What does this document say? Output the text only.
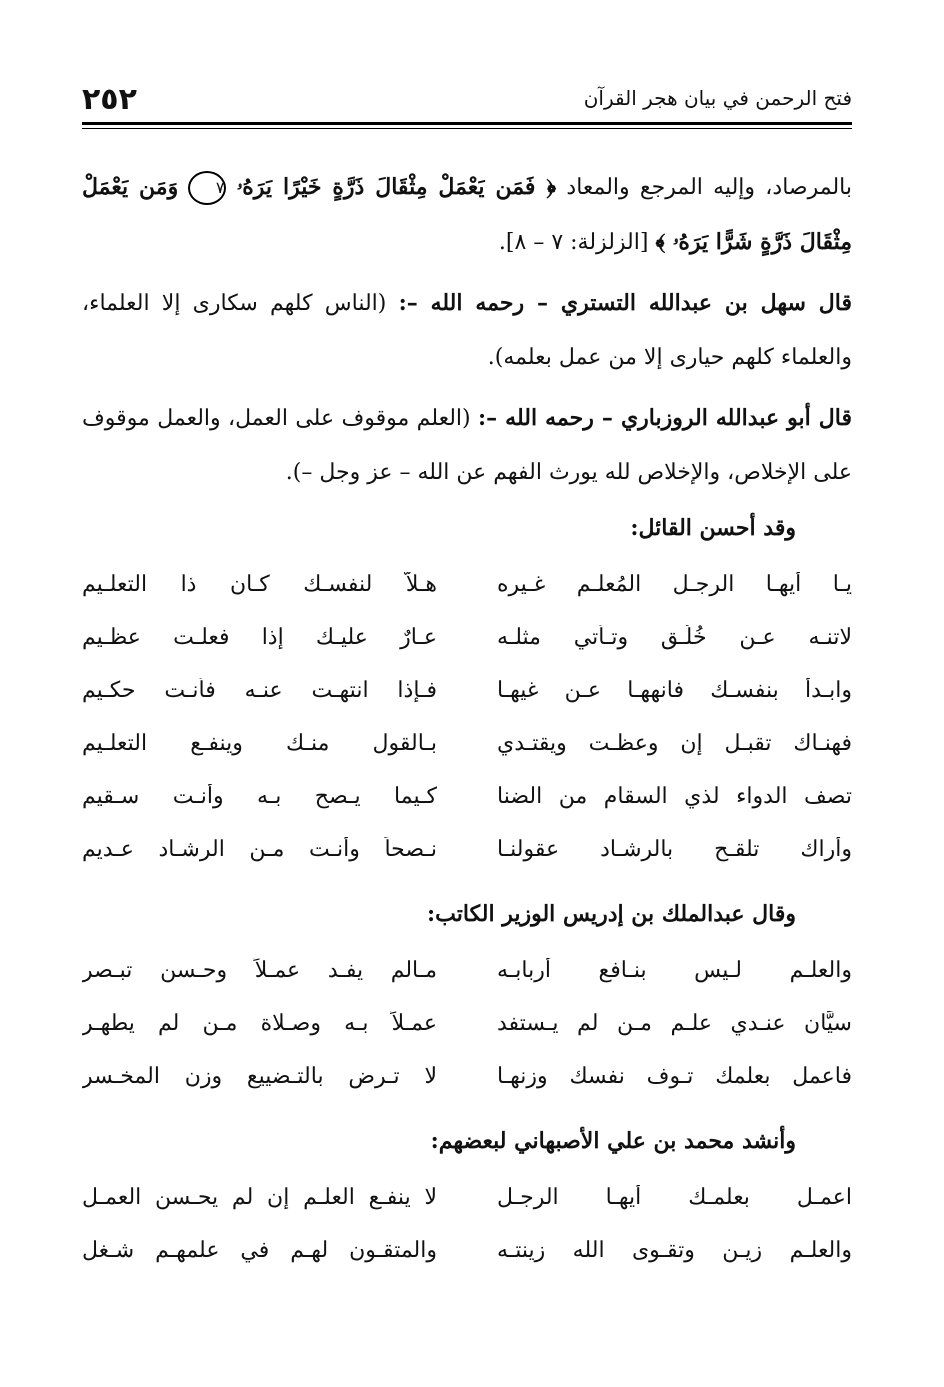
٢٥٢	فتح الرحمن في بيان هجر القرآن

بالمرصاد، وإليه المرجع والمعاد ﴿ فَمَن يَعْمَلْ مِثْقَالَ ذَرَّةٍ خَيْرًا يَرَهُۥ ٧ وَمَن يَعْمَلْ مِثْقَالَ ذَرَّةٍ شَرًّا يَرَهُۥ ﴾ [الزلزلة: ٧ – ٨].

قال سهل بن عبدالله التستري – رحمه الله –: (الناس كلهم سكارى إلا العلماء، والعلماء كلهم حيارى إلا من عمل بعلمه).

قال أبو عبدالله الروزباري – رحمه الله –: (العلم موقوف على العمل، والعمل موقوف على الإخلاص، والإخلاص لله يورث الفهم عن الله – عز وجل –).

وقد أحسن القائل:

يـا أيهـا الرجـل المُعلـم غـيره
هـلاَّ لنفسـك كـان ذا التعلـيم
لاتنـه عـن خُلُـق وتـأتي مثلـه
عـارٌ عليـك إذا فعلـت عظـيم
وابـدأ بنفسـك فانههـا عـن غيهـا
فـإذا انتهـت عنـه فأنـت حكـيم
فهنـاك تقبـل إن وعظـت ويقتـدي
بـالقول منـك وينفـع التعلـيم
تصف الدواء لذي السقام من الضنا
كـيما يـصح بـه وأنـت سـقيم
وأراك تلقـح بالرشـاد عقولنـا
نـصحاً وأنـت مـن الرشـاد عـديم

وقال عبدالملك بن إدريس الوزير الكاتب:

والعلـم لـيس بنـافع أربابـه
مـالم يفـد عمـلاً وحـسن تبـصر
سيَّان عنـدي علـم مـن لم يـستفد
عمـلاً بـه وصـلاة مـن لم يطهـر
فاعمل بعلمك تـوف نفسك وزنهـا
لا تـرض بالتـضييع وزن المخـسر

وأنشد محمد بن علي الأصبهاني لبعضهم:

اعمـل بعلمـك أيهـا الرجـل
لا ينفـع العلـم إن لم يحـسن العمـل
والعلـم زيـن وتقـوى الله زينتـه
والمتقـون لهـم في علمهـم شـغل
